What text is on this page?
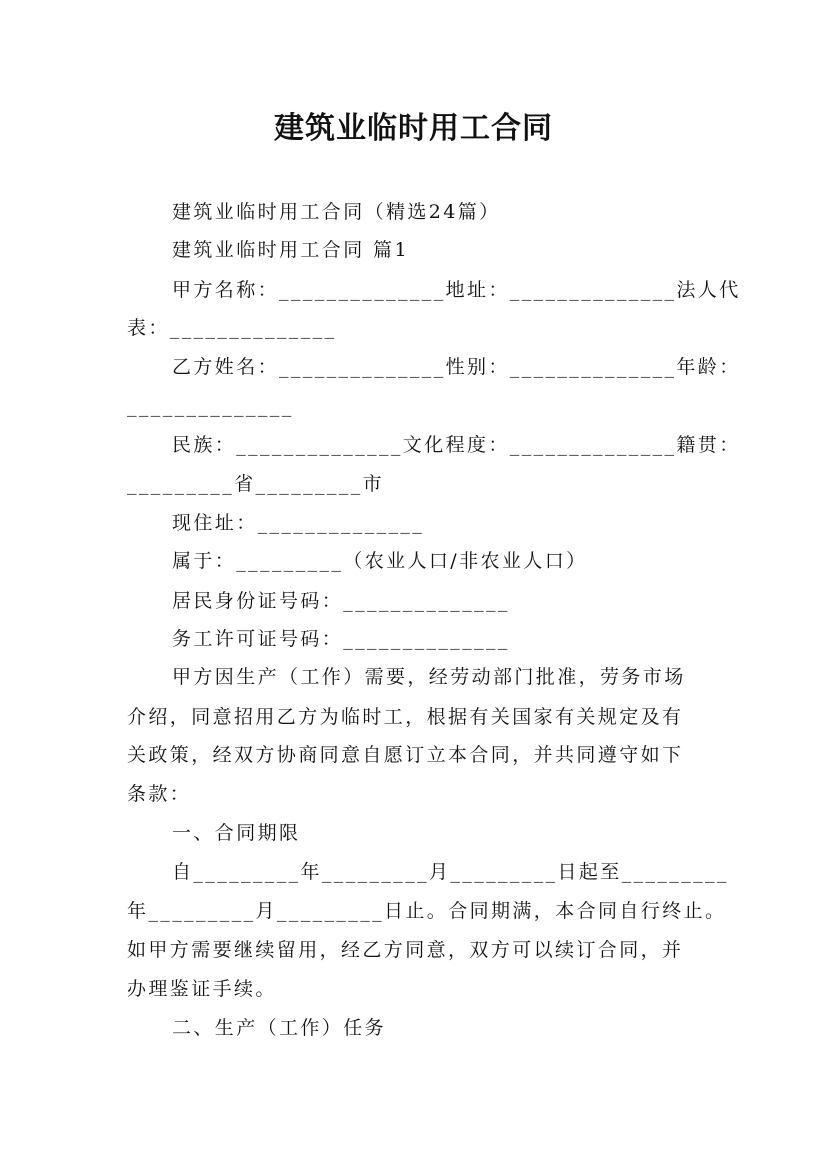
建筑业临时用工合同

建筑业临时用工合同（精选24篇）

建筑业临时用工合同 篇1

甲方名称：______________地址：______________法人代

表：______________

乙方姓名：______________性别：______________年龄：

______________

民族：______________文化程度：______________籍贯：

_________省_________市

现住址：______________

属于：_________（农业人口/非农业人口）

居民身份证号码：______________

务工许可证号码：______________

甲方因生产（工作）需要，经劳动部门批准，劳务市场

介绍，同意招用乙方为临时工，根据有关国家有关规定及有

关政策，经双方协商同意自愿订立本合同，并共同遵守如下

条款：

一、合同期限

自_________年_________月_________日起至_________

年_________月_________日止。合同期满，本合同自行终止。

如甲方需要继续留用，经乙方同意，双方可以续订合同，并

办理鉴证手续。

二、生产（工作）任务
